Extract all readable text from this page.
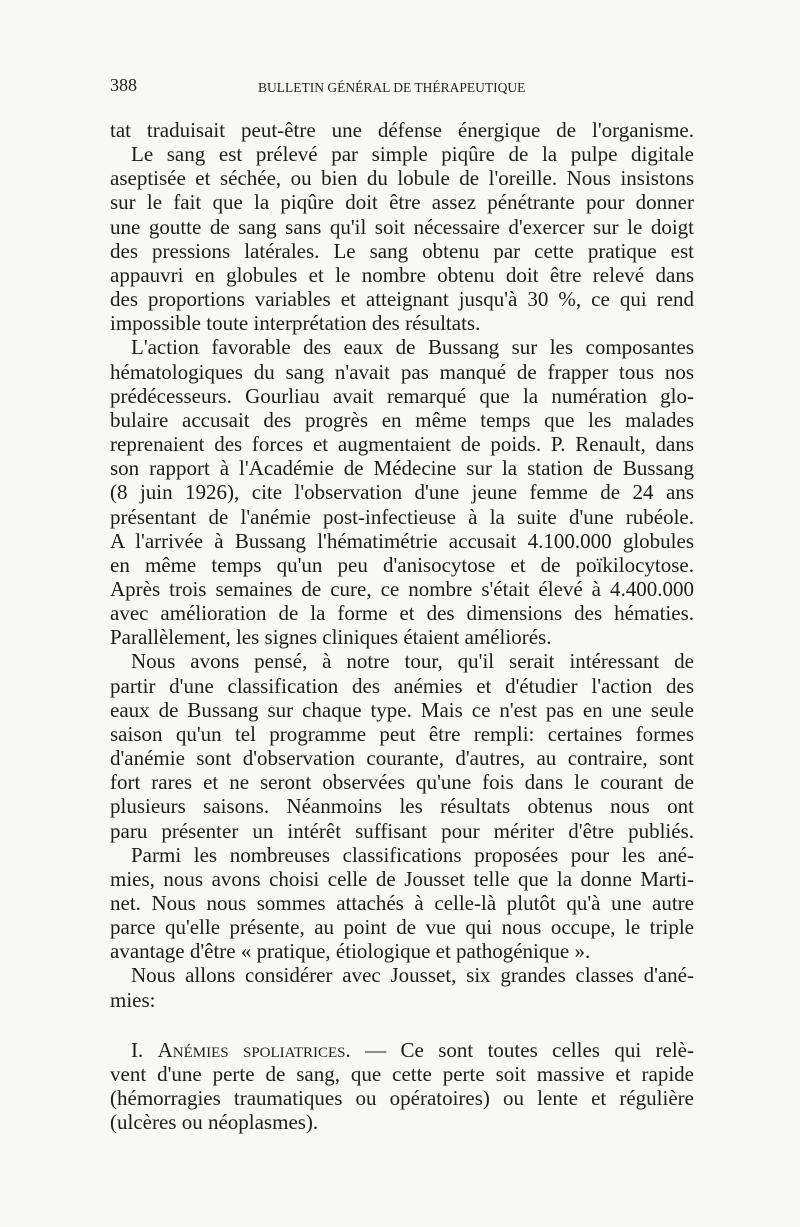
388	BULLETIN GÉNÉRAL DE THÉRAPEUTIQUE
tat traduisait peut-être une défense énergique de l'organisme.
Le sang est prélevé par simple piqûre de la pulpe digitale
aseptisée et séchée, ou bien du lobule de l'oreille. Nous insistons
sur le fait que la piqûre doit être assez pénétrante pour donner
une goutte de sang sans qu'il soit nécessaire d'exercer sur le doigt
des pressions latérales. Le sang obtenu par cette pratique est
appauvri en globules et le nombre obtenu doit être relevé dans
des proportions variables et atteignant jusqu'à 30 %, ce qui rend
impossible toute interprétation des résultats.
L'action favorable des eaux de Bussang sur les composantes
hématologiques du sang n'avait pas manqué de frapper tous nos
prédécesseurs. Gourliau avait remarqué que la numération glo-
bulaire accusait des progrès en même temps que les malades
reprenaient des forces et augmentaient de poids. P. Renault, dans
son rapport à l'Académie de Médecine sur la station de Bussang
(8 juin 1926), cite l'observation d'une jeune femme de 24 ans
présentant de l'anémie post-infectieuse à la suite d'une rubéole.
A l'arrivée à Bussang l'hématimétrie accusait 4.100.000 globules
en même temps qu'un peu d'anisocytose et de poïkilocytose.
Après trois semaines de cure, ce nombre s'était élevé à 4.400.000
avec amélioration de la forme et des dimensions des hématies.
Parallèlement, les signes cliniques étaient améliorés.
Nous avons pensé, à notre tour, qu'il serait intéressant de
partir d'une classification des anémies et d'étudier l'action des
eaux de Bussang sur chaque type. Mais ce n'est pas en une seule
saison qu'un tel programme peut être rempli: certaines formes
d'anémie sont d'observation courante, d'autres, au contraire, sont
fort rares et ne seront observées qu'une fois dans le courant de
plusieurs saisons. Néanmoins les résultats obtenus nous ont
paru présenter un intérêt suffisant pour mériter d'être publiés.
Parmi les nombreuses classifications proposées pour les ané-
mies, nous avons choisi celle de Jousset telle que la donne Marti-
net. Nous nous sommes attachés à celle-là plutôt qu'à une autre
parce qu'elle présente, au point de vue qui nous occupe, le triple
avantage d'être « pratique, étiologique et pathogénique ».
Nous allons considérer avec Jousset, six grandes classes d'ané-
mies:
I. Anémies spoliatrices. — Ce sont toutes celles qui relè-
vent d'une perte de sang, que cette perte soit massive et rapide
(hémorragies traumatiques ou opératoires) ou lente et régulière
(ulcères ou néoplasmes).
